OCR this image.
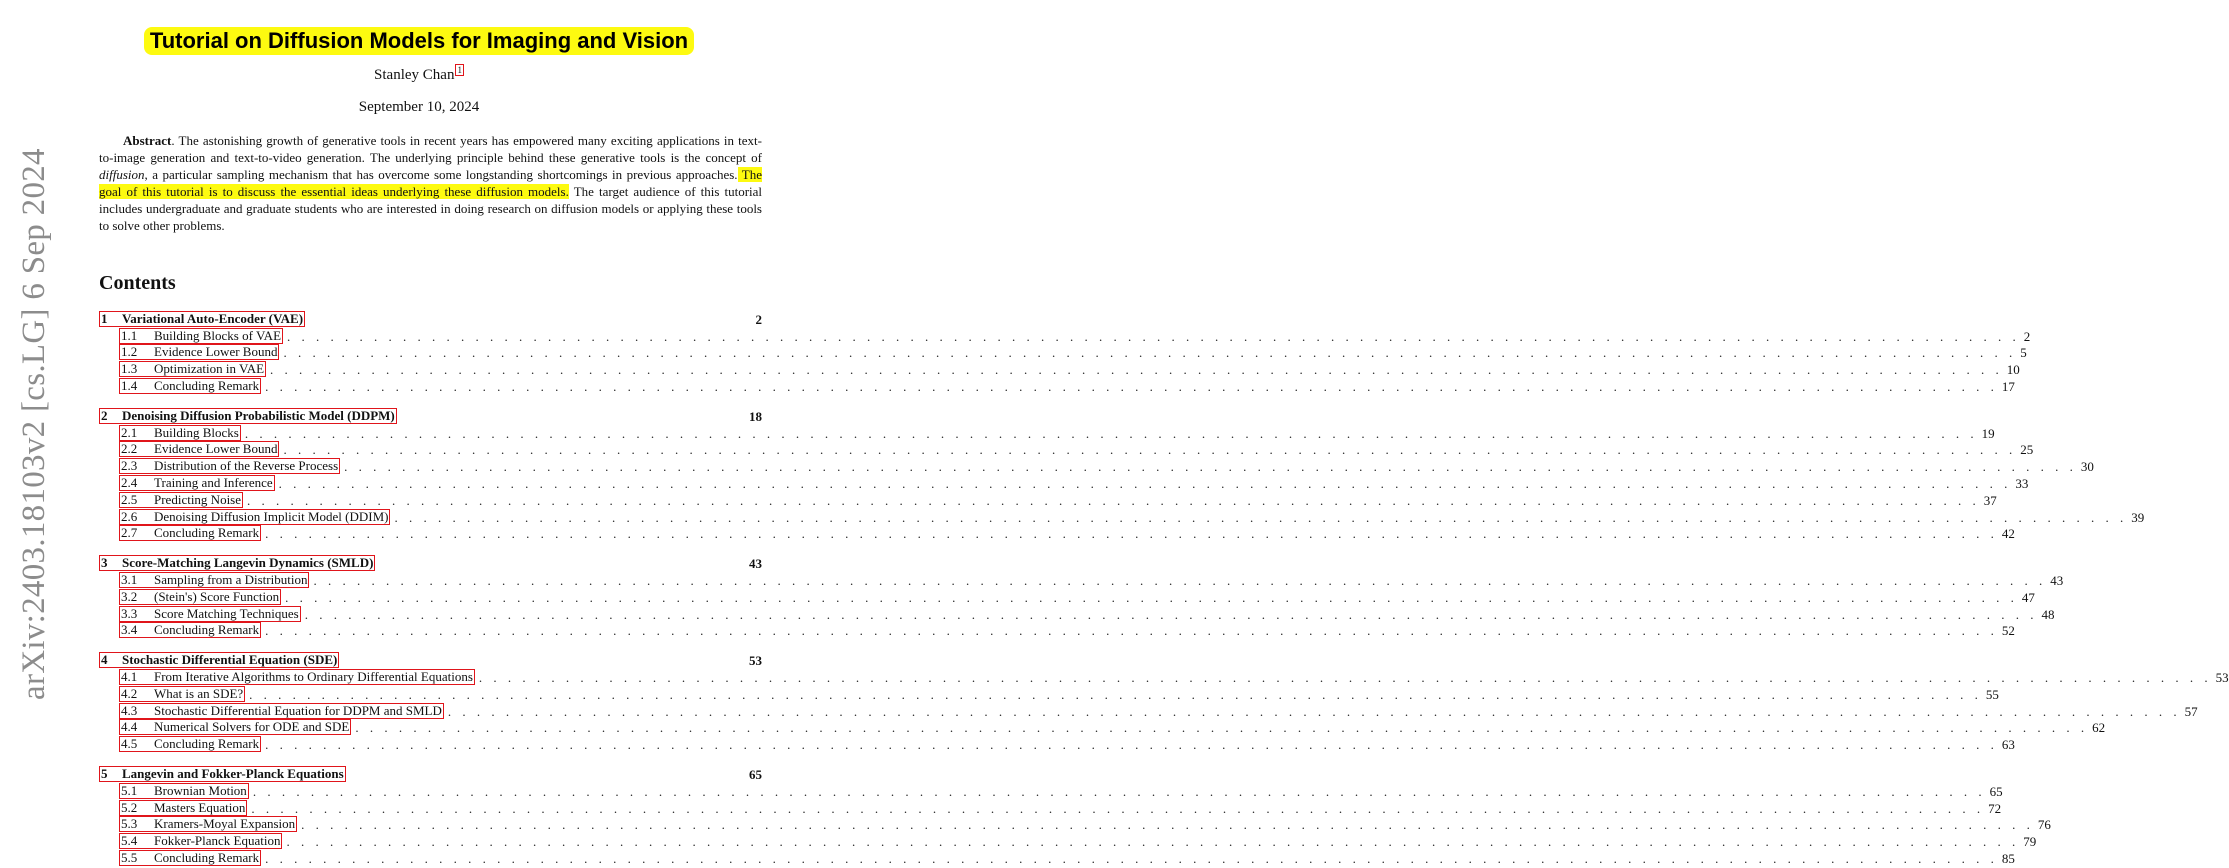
arXiv:2403.18103v2 [cs.LG] 6 Sep 2024
Tutorial on Diffusion Models for Imaging and Vision
Stanley Chan 1
September 10, 2024
Abstract. The astonishing growth of generative tools in recent years has empowered many exciting applications in text-to-image generation and text-to-video generation. The underlying principle behind these generative tools is the concept of diffusion, a particular sampling mechanism that has overcome some longstanding shortcomings in previous approaches. The goal of this tutorial is to discuss the essential ideas underlying these diffusion models. The target audience of this tutorial includes undergraduate and graduate students who are interested in doing research on diffusion models or applying these tools to solve other problems.
Contents
1 Variational Auto-Encoder (VAE)	2
1.1 Building Blocks of VAE . . . . . . . . . . . . . . . . . . . . . . . . . . . . . . . . . . . . . . . . . . . . . . . . . . . . . . . . . . . . . . . . . . . . . . . . . . . . . . . . . . . . . . . . . . . . . . . . . . . . . . . . . . . . . . . . . . . . . . . . 2
1.2 Evidence Lower Bound . . . . . . . . . . . . . . . . . . . . . . . . . . . . . . . . . . . . . . . . . . . . . . . . . . . . . . . . . . . . . . . . . . . . . . . . . . . . . . . . . . . . . . . . . . . . . . . . . . . . . . . . . . . . . . . . . . . . . . . . 5
1.3 Optimization in VAE . . . . . . . . . . . . . . . . . . . . . . . . . . . . . . . . . . . . . . . . . . . . . . . . . . . . . . . . . . . . . . . . . . . . . . . . . . . . . . . . . . . . . . . . . . . . . . . . . . . . . . . . . . . . . . . . . . . . . . . . 10
1.4 Concluding Remark . . . . . . . . . . . . . . . . . . . . . . . . . . . . . . . . . . . . . . . . . . . . . . . . . . . . . . . . . . . . . . . . . . . . . . . . . . . . . . . . . . . . . . . . . . . . . . . . . . . . . . . . . . . . . . . . . . . . . . . . 17
2 Denoising Diffusion Probabilistic Model (DDPM)	18
2.1 Building Blocks . . . . . . . . . . . . . . . . . . . . . . . . . . . . . . . . . . . . . . . . . . . . . . . . . . . . . . . . . . . . . . . . . . . . . . . . . . . . . . . . . . . . . . . . . . . . . . . . . . . . . . . . . . . . . . . . . . . . . . . . 19
2.2 Evidence Lower Bound . . . . . . . . . . . . . . . . . . . . . . . . . . . . . . . . . . . . . . . . . . . . . . . . . . . . . . . . . . . . . . . . . . . . . . . . . . . . . . . . . . . . . . . . . . . . . . . . . . . . . . . . . . . . . . . . . . . . . . . . 25
2.3 Distribution of the Reverse Process . . . . . . . . . . . . . . . . . . . . . . . . . . . . . . . . . . . . . . . . . . . . . . . . . . . . . . . . . . . . . . . . . . . . . . . . . . . . . . . . . . . . . . . . . . . . . . . . . . . . . . . . . . . . . . . . . . . . . . . . 30
2.4 Training and Inference . . . . . . . . . . . . . . . . . . . . . . . . . . . . . . . . . . . . . . . . . . . . . . . . . . . . . . . . . . . . . . . . . . . . . . . . . . . . . . . . . . . . . . . . . . . . . . . . . . . . . . . . . . . . . . . . . . . . . . . . 33
2.5 Predicting Noise . . . . . . . . . . . . . . . . . . . . . . . . . . . . . . . . . . . . . . . . . . . . . . . . . . . . . . . . . . . . . . . . . . . . . . . . . . . . . . . . . . . . . . . . . . . . . . . . . . . . . . . . . . . . . . . . . . . . . . . . 37
2.6 Denoising Diffusion Implicit Model (DDIM) . . . . . . . . . . . . . . . . . . . . . . . . . . . . . . . . . . . . . . . . . . . . . . . . . . . . . . . . . . . . . . . . . . . . . . . . . . . . . . . . . . . . . . . . . . . . . . . . . . . . . . . . . . . . . . . . . . . . . . . . 39
2.7 Concluding Remark . . . . . . . . . . . . . . . . . . . . . . . . . . . . . . . . . . . . . . . . . . . . . . . . . . . . . . . . . . . . . . . . . . . . . . . . . . . . . . . . . . . . . . . . . . . . . . . . . . . . . . . . . . . . . . . . . . . . . . . . 42
3 Score-Matching Langevin Dynamics (SMLD)	43
3.1 Sampling from a Distribution . . . . . . . . . . . . . . . . . . . . . . . . . . . . . . . . . . . . . . . . . . . . . . . . . . . . . . . . . . . . . . . . . . . . . . . . . . . . . . . . . . . . . . . . . . . . . . . . . . . . . . . . . . . . . . . . . . . . . . . . 43
3.2 (Stein's) Score Function . . . . . . . . . . . . . . . . . . . . . . . . . . . . . . . . . . . . . . . . . . . . . . . . . . . . . . . . . . . . . . . . . . . . . . . . . . . . . . . . . . . . . . . . . . . . . . . . . . . . . . . . . . . . . . . . . . . . . . . . 47
3.3 Score Matching Techniques . . . . . . . . . . . . . . . . . . . . . . . . . . . . . . . . . . . . . . . . . . . . . . . . . . . . . . . . . . . . . . . . . . . . . . . . . . . . . . . . . . . . . . . . . . . . . . . . . . . . . . . . . . . . . . . . . . . . . . . . 48
3.4 Concluding Remark . . . . . . . . . . . . . . . . . . . . . . . . . . . . . . . . . . . . . . . . . . . . . . . . . . . . . . . . . . . . . . . . . . . . . . . . . . . . . . . . . . . . . . . . . . . . . . . . . . . . . . . . . . . . . . . . . . . . . . . . 52
4 Stochastic Differential Equation (SDE)	53
4.1 From Iterative Algorithms to Ordinary Differential Equations . . . . . . . . . . . . . . . . . . . . . . . . . . . . . . . . . . . . . . . . . . . . . . . . . . . . . . . . . . . . . . . . . . . . . . . . . . . . . . . . . . . . . . . . . . . . . . . . . . . . . . . . . . . . . . . . . . . . . . . . 53
4.2 What is an SDE? . . . . . . . . . . . . . . . . . . . . . . . . . . . . . . . . . . . . . . . . . . . . . . . . . . . . . . . . . . . . . . . . . . . . . . . . . . . . . . . . . . . . . . . . . . . . . . . . . . . . . . . . . . . . . . . . . . . . . . . . 55
4.3 Stochastic Differential Equation for DDPM and SMLD . . . . . . . . . . . . . . . . . . . . . . . . . . . . . . . . . . . . . . . . . . . . . . . . . . . . . . . . . . . . . . . . . . . . . . . . . . . . . . . . . . . . . . . . . . . . . . . . . . . . . . . . . . . . . . . . . . . . . . . . 57
4.4 Numerical Solvers for ODE and SDE . . . . . . . . . . . . . . . . . . . . . . . . . . . . . . . . . . . . . . . . . . . . . . . . . . . . . . . . . . . . . . . . . . . . . . . . . . . . . . . . . . . . . . . . . . . . . . . . . . . . . . . . . . . . . . . . . . . . . . . . 62
4.5 Concluding Remark . . . . . . . . . . . . . . . . . . . . . . . . . . . . . . . . . . . . . . . . . . . . . . . . . . . . . . . . . . . . . . . . . . . . . . . . . . . . . . . . . . . . . . . . . . . . . . . . . . . . . . . . . . . . . . . . . . . . . . . . 63
5 Langevin and Fokker-Planck Equations	65
5.1 Brownian Motion . . . . . . . . . . . . . . . . . . . . . . . . . . . . . . . . . . . . . . . . . . . . . . . . . . . . . . . . . . . . . . . . . . . . . . . . . . . . . . . . . . . . . . . . . . . . . . . . . . . . . . . . . . . . . . . . . . . . . . . . 65
5.2 Masters Equation . . . . . . . . . . . . . . . . . . . . . . . . . . . . . . . . . . . . . . . . . . . . . . . . . . . . . . . . . . . . . . . . . . . . . . . . . . . . . . . . . . . . . . . . . . . . . . . . . . . . . . . . . . . . . . . . . . . . . . . . 72
5.3 Kramers-Moyal Expansion . . . . . . . . . . . . . . . . . . . . . . . . . . . . . . . . . . . . . . . . . . . . . . . . . . . . . . . . . . . . . . . . . . . . . . . . . . . . . . . . . . . . . . . . . . . . . . . . . . . . . . . . . . . . . . . . . . . . . . . . 76
5.4 Fokker-Planck Equation . . . . . . . . . . . . . . . . . . . . . . . . . . . . . . . . . . . . . . . . . . . . . . . . . . . . . . . . . . . . . . . . . . . . . . . . . . . . . . . . . . . . . . . . . . . . . . . . . . . . . . . . . . . . . . . . . . . . . . . . 79
5.5 Concluding Remark . . . . . . . . . . . . . . . . . . . . . . . . . . . . . . . . . . . . . . . . . . . . . . . . . . . . . . . . . . . . . . . . . . . . . . . . . . . . . . . . . . . . . . . . . . . . . . . . . . . . . . . . . . . . . . . . . . . . . . . . 85
